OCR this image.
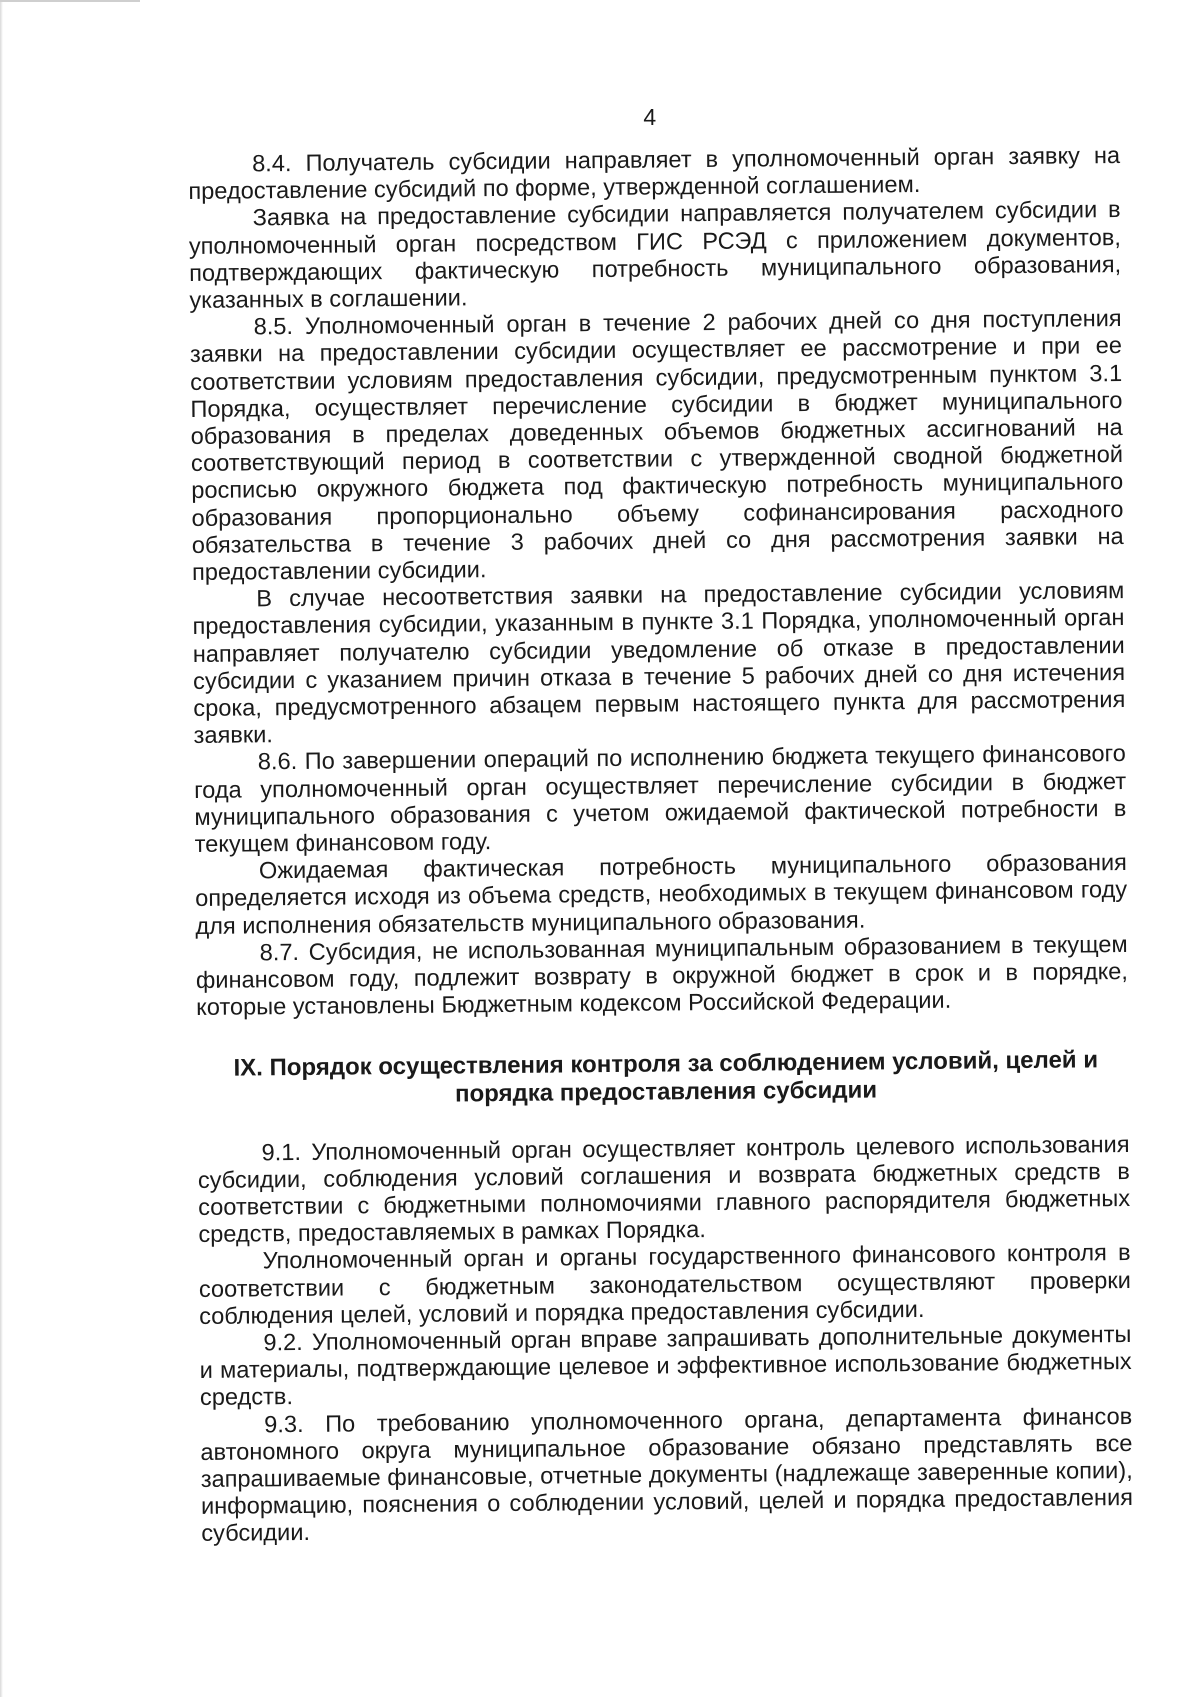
4

8.4. Получатель субсидии направляет в уполномоченный орган заявку на предоставление субсидий по форме, утвержденной соглашением.

Заявка на предоставление субсидии направляется получателем субсидии в уполномоченный орган посредством ГИС РСЭД с приложением документов, подтверждающих фактическую потребность муниципального образования, указанных в соглашении.

8.5. Уполномоченный орган в течение 2 рабочих дней со дня поступления заявки на предоставлении субсидии осуществляет ее рассмотрение и при ее соответствии условиям предоставления субсидии, предусмотренным пунктом 3.1 Порядка, осуществляет перечисление субсидии в бюджет муниципального образования в пределах доведенных объемов бюджетных ассигнований на соответствующий период в соответствии с утвержденной сводной бюджетной росписью окружного бюджета под фактическую потребность муниципального образования пропорционально объему софинансирования расходного обязательства в течение 3 рабочих дней со дня рассмотрения заявки на предоставлении субсидии.

В случае несоответствия заявки на предоставление субсидии условиям предоставления субсидии, указанным в пункте 3.1 Порядка, уполномоченный орган направляет получателю субсидии уведомление об отказе в предоставлении субсидии с указанием причин отказа в течение 5 рабочих дней со дня истечения срока, предусмотренного абзацем первым настоящего пункта для рассмотрения заявки.

8.6. По завершении операций по исполнению бюджета текущего финансового года уполномоченный орган осуществляет перечисление субсидии в бюджет муниципального образования с учетом ожидаемой фактической потребности в текущем финансовом году.

Ожидаемая фактическая потребность муниципального образования определяется исходя из объема средств, необходимых в текущем финансовом году для исполнения обязательств муниципального образования.

8.7. Субсидия, не использованная муниципальным образованием в текущем финансовом году, подлежит возврату в окружной бюджет в срок и в порядке, которые установлены Бюджетным кодексом Российской Федерации.

IX. Порядок осуществления контроля за соблюдением условий, целей и
порядка предоставления субсидии

9.1. Уполномоченный орган осуществляет контроль целевого использования субсидии, соблюдения условий соглашения и возврата бюджетных средств в соответствии с бюджетными полномочиями главного распорядителя бюджетных средств, предоставляемых в рамках Порядка.

Уполномоченный орган и органы государственного финансового контроля в соответствии с бюджетным законодательством осуществляют проверки соблюдения целей, условий и порядка предоставления субсидии.

9.2. Уполномоченный орган вправе запрашивать дополнительные документы и материалы, подтверждающие целевое и эффективное использование бюджетных средств.

9.3. По требованию уполномоченного органа, департамента финансов автономного округа муниципальное образование обязано представлять все запрашиваемые финансовые, отчетные документы (надлежаще заверенные копии), информацию, пояснения о соблюдении условий, целей и порядка предоставления субсидии.
